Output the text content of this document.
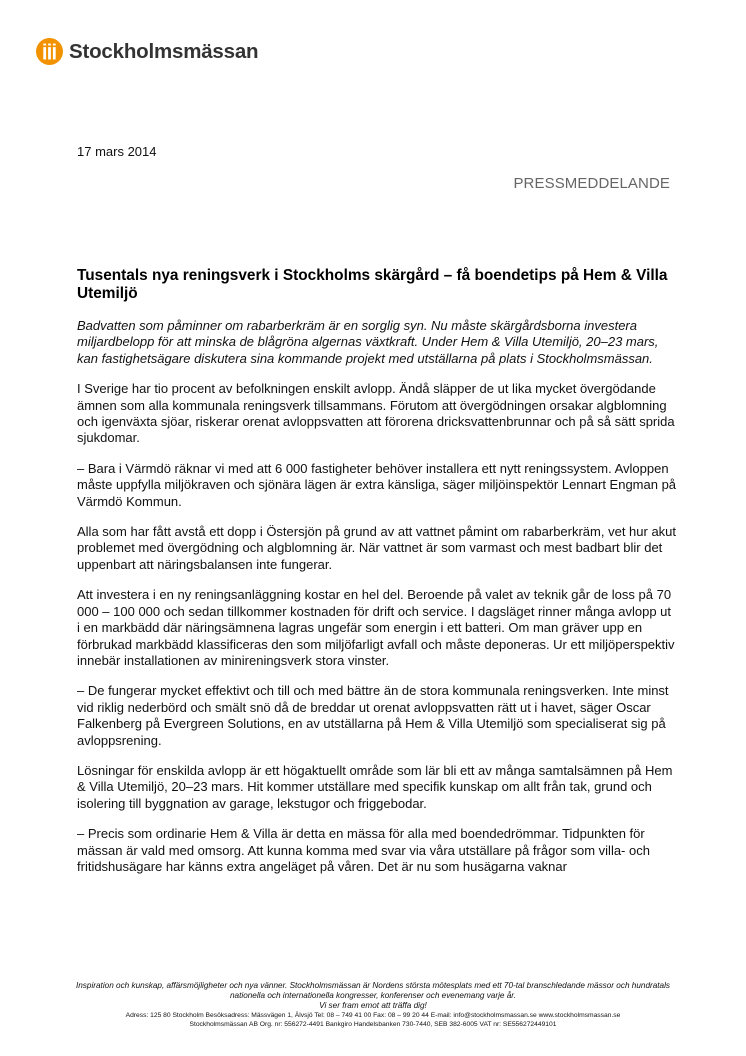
Stockholmsmässan
17 mars 2014
PRESSMEDDELANDE
Tusentals nya reningsverk i Stockholms skärgård – få boendetips på Hem & Villa Utemiljö

Badvatten som påminner om rabarberkräm är en sorglig syn. Nu måste skärgårdsborna investera miljardbelopp för att minska de blågröna algernas växtkraft. Under Hem & Villa Utemiljö, 20–23 mars, kan fastighetsägare diskutera sina kommande projekt med utställarna på plats i Stockholmsmässan.

I Sverige har tio procent av befolkningen enskilt avlopp. Ändå släpper de ut lika mycket övergödande ämnen som alla kommunala reningsverk tillsammans. Förutom att övergödningen orsakar algblomning och igenväxta sjöar, riskerar orenat avloppsvatten att förorena dricksvattenbrunnar och på så sätt sprida sjukdomar.

– Bara i Värmdö räknar vi med att 6 000 fastigheter behöver installera ett nytt reningssystem. Avloppen måste uppfylla miljökraven och sjönära lägen är extra känsliga, säger miljöinspektör Lennart Engman på Värmdö Kommun.

Alla som har fått avstå ett dopp i Östersjön på grund av att vattnet påmint om rabarberkräm, vet hur akut problemet med övergödning och algblomning är. När vattnet är som varmast och mest badbart blir det uppenbart att näringsbalansen inte fungerar.

Att investera i en ny reningsanläggning kostar en hel del. Beroende på valet av teknik går de loss på 70 000 – 100 000 och sedan tillkommer kostnaden för drift och service. I dagsläget rinner många avlopp ut i en markbädd där näringsämnena lagras ungefär som energin i ett batteri. Om man gräver upp en förbrukad markbädd klassificeras den som miljöfarligt avfall och måste deponeras. Ur ett miljöperspektiv innebär installationen av minireningsverk stora vinster.

– De fungerar mycket effektivt och till och med bättre än de stora kommunala reningsverken. Inte minst vid riklig nederbörd och smält snö då de breddar ut orenat avloppsvatten rätt ut i havet, säger Oscar Falkenberg på Evergreen Solutions, en av utställarna på Hem & Villa Utemiljö som specialiserat sig på avloppsrening.

Lösningar för enskilda avlopp är ett högaktuellt område som lär bli ett av många samtalsämnen på Hem & Villa Utemiljö, 20–23 mars. Hit kommer utställare med specifik kunskap om allt från tak, grund och isolering till byggnation av garage, lekstugor och friggebodar.

– Precis som ordinarie Hem & Villa är detta en mässa för alla med boendedrömmar. Tidpunkten för mässan är vald med omsorg. Att kunna komma med svar via våra utställare på frågor som villa- och fritidshusägare har känns extra angeläget på våren. Det är nu som husägarna vaknar

Inspiration och kunskap, affärsmöjligheter och nya vänner. Stockholmsmässan är Nordens största mötesplats med ett 70-tal branschledande mässor och hundratals nationella och internationella kongresser, konferenser och evenemang varje år.
Vi ser fram emot att träffa dig!
Adress: 125 80 Stockholm Besöksadress: Mässvägen 1, Älvsjö Tel: 08 – 749 41 00 Fax: 08 – 99 20 44 E-mail: info@stockholmsmassan.se www.stockholmsmassan.se
Stockholmsmässan AB Org. nr: 556272-4491 Bankgiro Handelsbanken 730-7440, SEB 382-6005 VAT nr: SE556272449101
